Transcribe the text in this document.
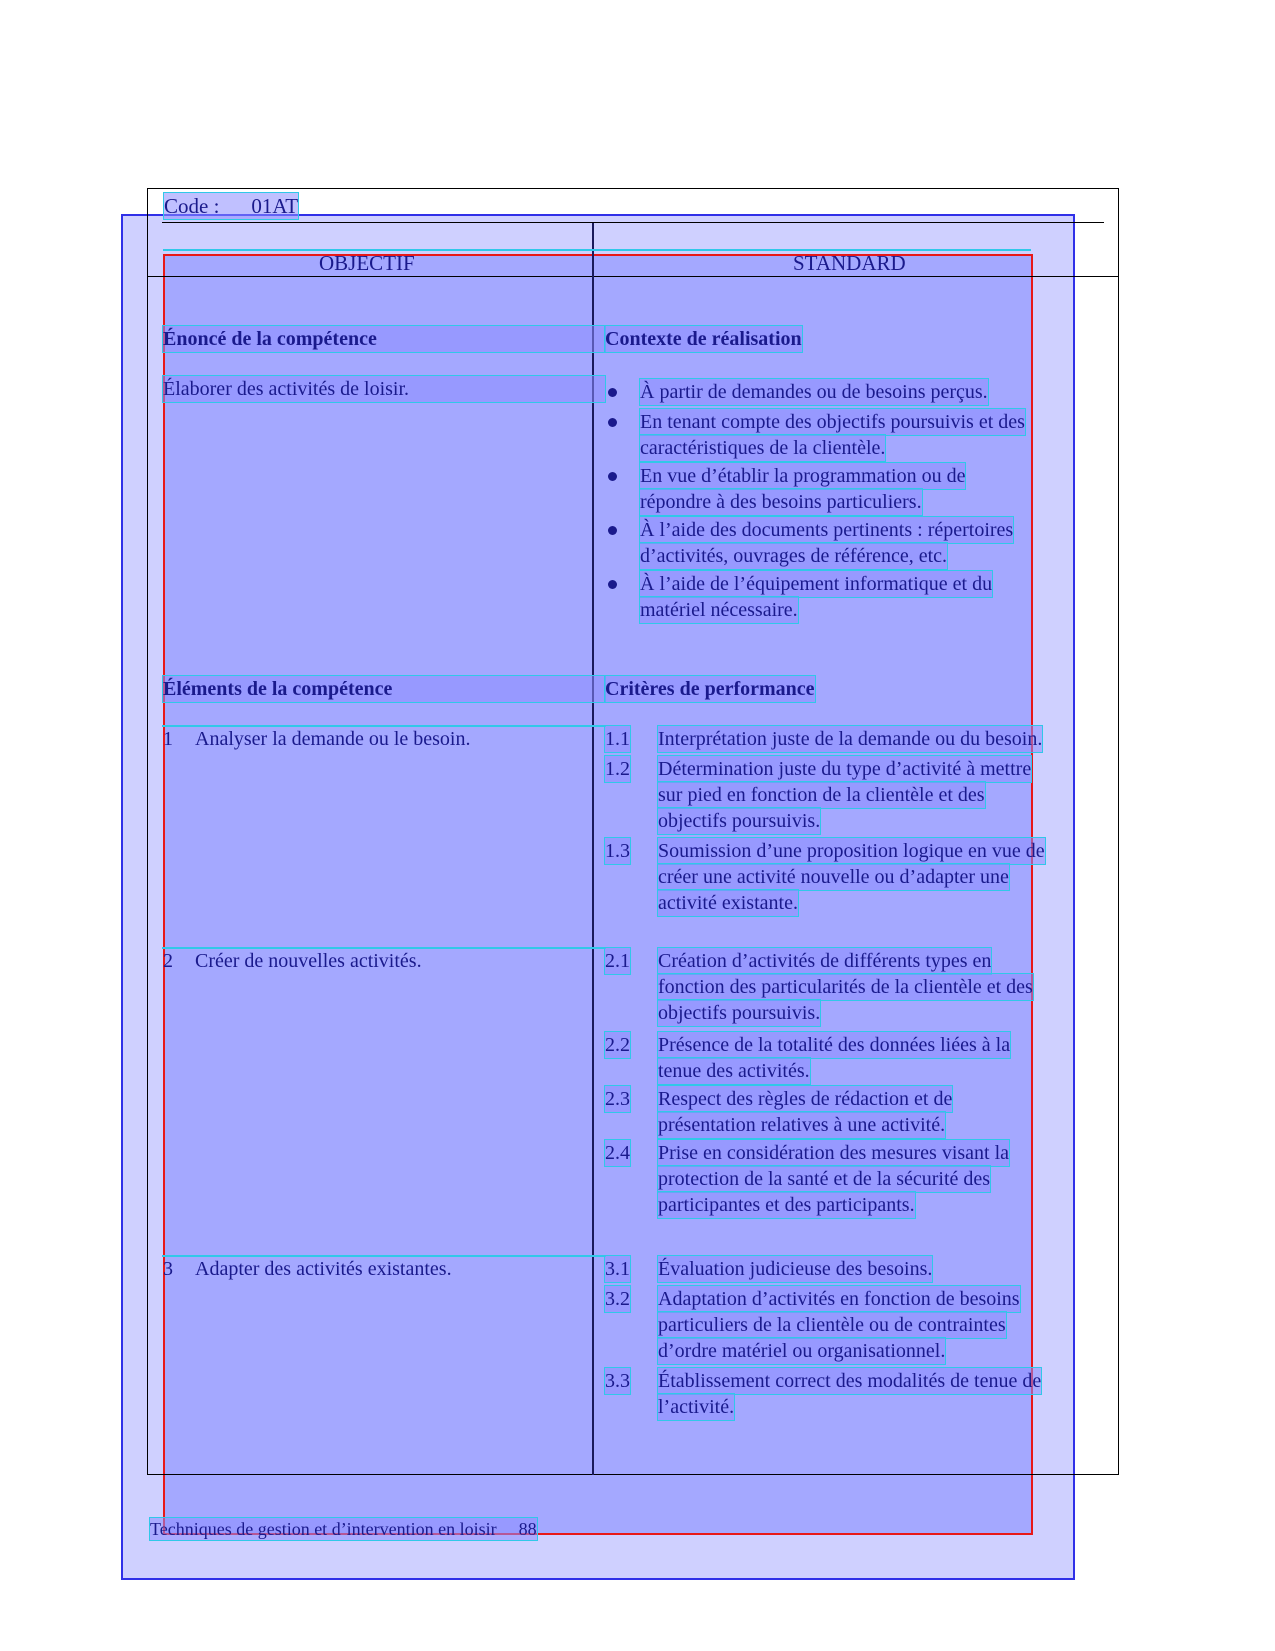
Code : 01AT
OBJECTIF	STANDARD
Énoncé de la compétence
Élaborer des activités de loisir.
Contexte de réalisation
À partir de demandes ou de besoins perçus.
En tenant compte des objectifs poursuivis et des
caractéristiques de la clientèle.
En vue d’établir la programmation ou de
répondre à des besoins particuliers.
À l’aide des documents pertinents : répertoires
d’activités, ouvrages de référence, etc.
À l’aide de l’équipement informatique et du
matériel nécessaire.
Éléments de la compétence
1 Analyser la demande ou le besoin.
2 Créer de nouvelles activités.
3 Adapter des activités existantes.
Critères de performance
1.1 Interprétation juste de la demande ou du besoin.
1.2 Détermination juste du type d’activité à mettre
sur pied en fonction de la clientèle et des
objectifs poursuivis.
1.3 Soumission d’une proposition logique en vue de
créer une activité nouvelle ou d’adapter une
activité existante.
2.1 Création d’activités de différents types en
fonction des particularités de la clientèle et des
objectifs poursuivis.
2.2 Présence de la totalité des données liées à la
tenue des activités.
2.3 Respect des règles de rédaction et de
présentation relatives à une activité.
2.4 Prise en considération des mesures visant la
protection de la santé et de la sécurité des
participantes et des participants.
3.1 Évaluation judicieuse des besoins.
3.2 Adaptation d’activités en fonction de besoins
particuliers de la clientèle ou de contraintes
d’ordre matériel ou organisationnel.
3.3 Établissement correct des modalités de tenue de
l’activité.
Techniques de gestion et d’intervention en loisir 88
